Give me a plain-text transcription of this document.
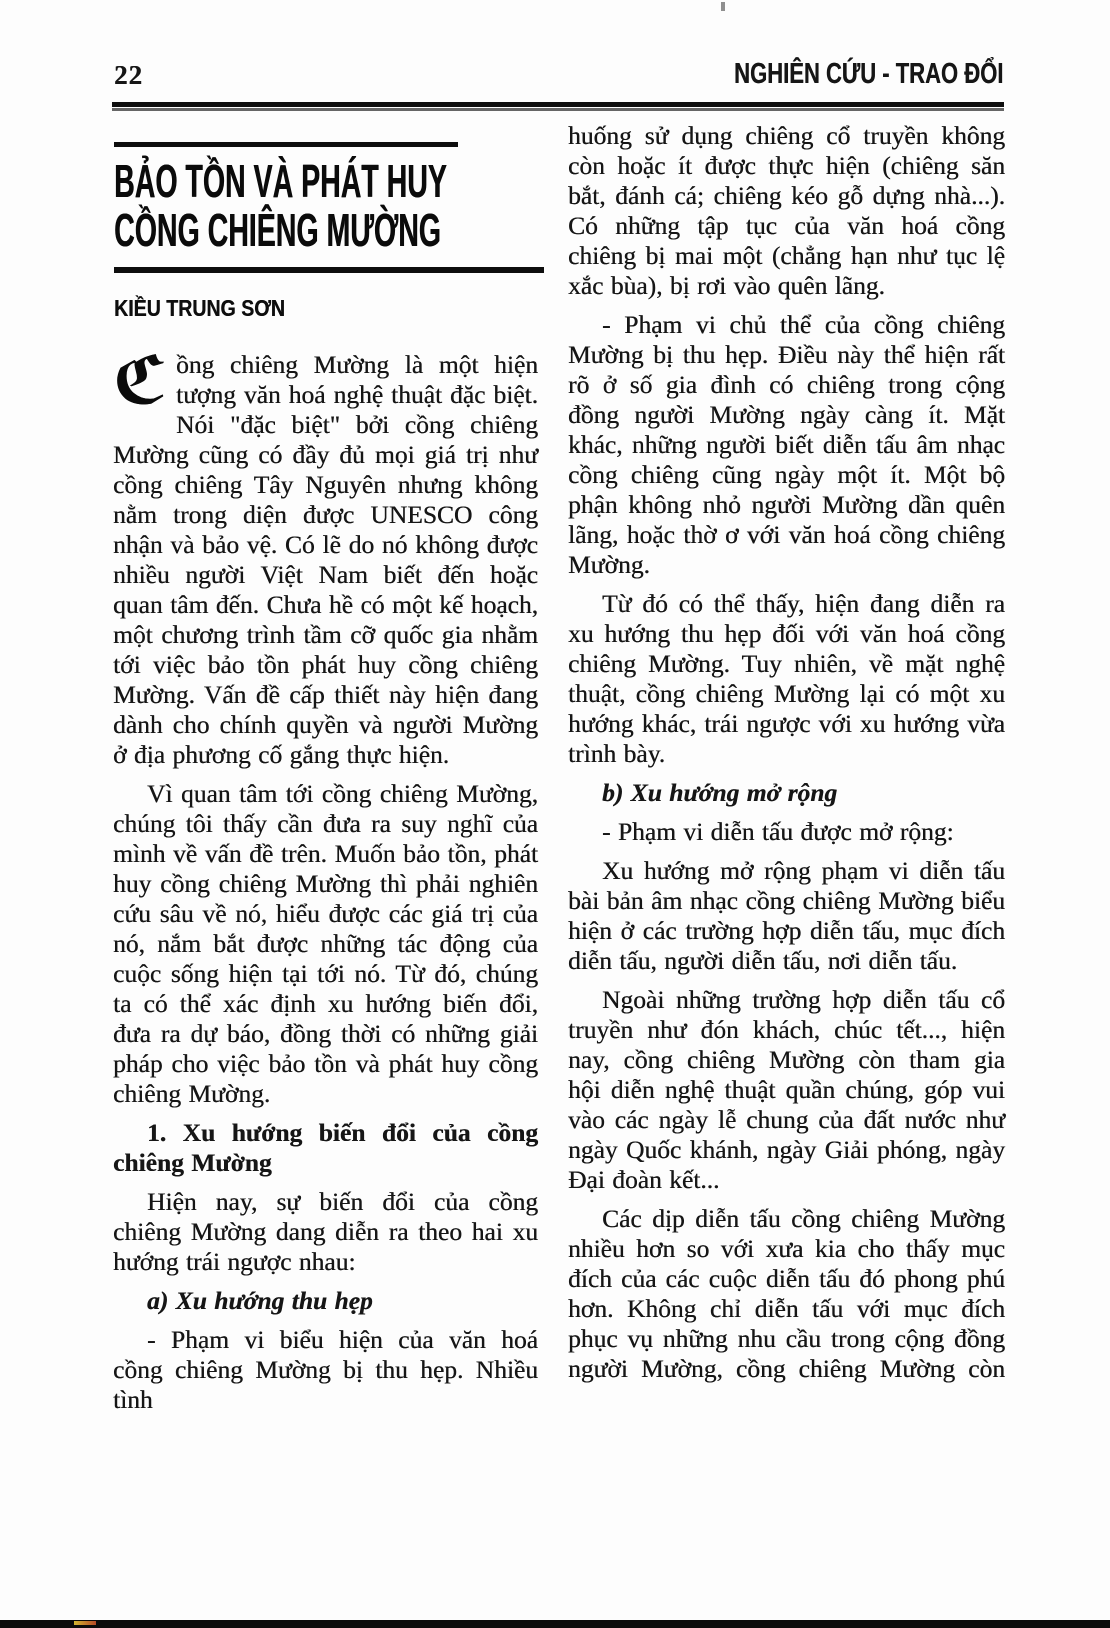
22	NGHIÊN CỨU - TRAO ĐỔI
BẢO TỒN VÀ PHÁT HUY
CỒNG CHIÊNG MƯỜNG
KIỀU TRUNG SƠN

ℭồng chiêng Mường là một hiện tượng văn hoá nghệ thuật đặc biệt. Nói "đặc biệt" bởi cồng chiêng Mường cũng có đầy đủ mọi giá trị như cồng chiêng Tây Nguyên nhưng không nằm trong diện được UNESCO công nhận và bảo vệ. Có lẽ do nó không được nhiều người Việt Nam biết đến hoặc quan tâm đến. Chưa hề có một kế hoạch, một chương trình tầm cỡ quốc gia nhằm tới việc bảo tồn phát huy cồng chiêng Mường. Vấn đề cấp thiết này hiện đang dành cho chính quyền và người Mường ở địa phương cố gắng thực hiện.

Vì quan tâm tới cồng chiêng Mường, chúng tôi thấy cần đưa ra suy nghĩ của mình về vấn đề trên. Muốn bảo tồn, phát huy cồng chiêng Mường thì phải nghiên cứu sâu về nó, hiểu được các giá trị của nó, nắm bắt được những tác động của cuộc sống hiện tại tới nó. Từ đó, chúng ta có thể xác định xu hướng biến đổi, đưa ra dự báo, đồng thời có những giải pháp cho việc bảo tồn và phát huy cồng chiêng Mường.

1. Xu hướng biến đổi của cồng chiêng Mường

Hiện nay, sự biến đổi của cồng chiêng Mường dang diễn ra theo hai xu hướng trái ngược nhau:

a) Xu hướng thu hẹp

- Phạm vi biểu hiện của văn hoá cồng chiêng Mường bị thu hẹp. Nhiều tình

huống sử dụng chiêng cổ truyền không còn hoặc ít được thực hiện (chiêng săn bắt, đánh cá; chiêng kéo gỗ dựng nhà...). Có những tập tục của văn hoá cồng chiêng bị mai một (chẳng hạn như tục lệ xắc bùa), bị rơi vào quên lãng.

- Phạm vi chủ thể của cồng chiêng Mường bị thu hẹp. Điều này thể hiện rất rõ ở số gia đình có chiêng trong cộng đồng người Mường ngày càng ít. Mặt khác, những người biết diễn tấu âm nhạc cồng chiêng cũng ngày một ít. Một bộ phận không nhỏ người Mường dần quên lãng, hoặc thờ ơ với văn hoá cồng chiêng Mường.

Từ đó có thể thấy, hiện đang diễn ra xu hướng thu hẹp đối với văn hoá cồng chiêng Mường. Tuy nhiên, về mặt nghệ thuật, cồng chiêng Mường lại có một xu hướng khác, trái ngược với xu hướng vừa trình bày.

b) Xu hướng mở rộng

- Phạm vi diễn tấu được mở rộng:

Xu hướng mở rộng phạm vi diễn tấu bài bản âm nhạc cồng chiêng Mường biểu hiện ở các trường hợp diễn tấu, mục đích diễn tấu, người diễn tấu, nơi diễn tấu.

Ngoài những trường hợp diễn tấu cổ truyền như đón khách, chúc tết..., hiện nay, cồng chiêng Mường còn tham gia hội diễn nghệ thuật quần chúng, góp vui vào các ngày lễ chung của đất nước như ngày Quốc khánh, ngày Giải phóng, ngày Đại đoàn kết...

Các dịp diễn tấu cồng chiêng Mường nhiều hơn so với xưa kia cho thấy mục đích của các cuộc diễn tấu đó phong phú hơn. Không chỉ diễn tấu với mục đích phục vụ những nhu cầu trong cộng đồng người Mường, cồng chiêng Mường còn
